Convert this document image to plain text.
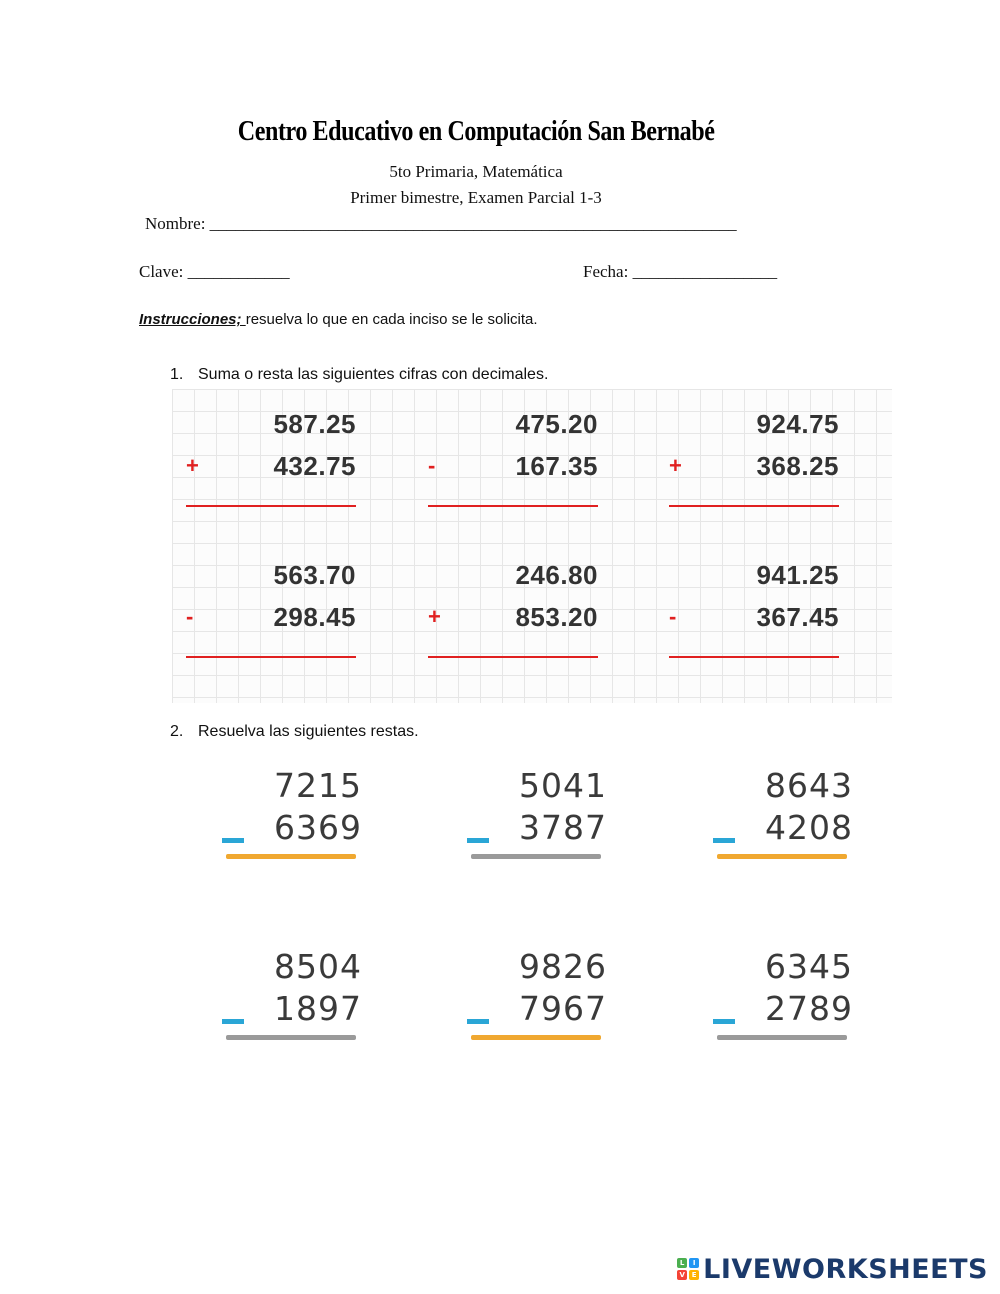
Centro Educativo en Computación San Bernabé
5to Primaria, Matemática
Primer bimestre, Examen Parcial 1-3
Nombre: ______________________________________________________________
Clave: ____________	Fecha: _________________
Instrucciones; resuelva lo que en cada inciso se le solicita.
1. Suma o resta las siguientes cifras con decimales.
587.25
+	432.75
475.20
-	167.35
924.75
+	368.25
563.70
-	298.45
246.80
+	853.20
941.25
-	367.45
2. Resuelva las siguientes restas.
7215
6369
5041
3787
8643
4208
8504
1897
9826
7967
6345
2789
L	I
V E LIVEWORKSHEETS
